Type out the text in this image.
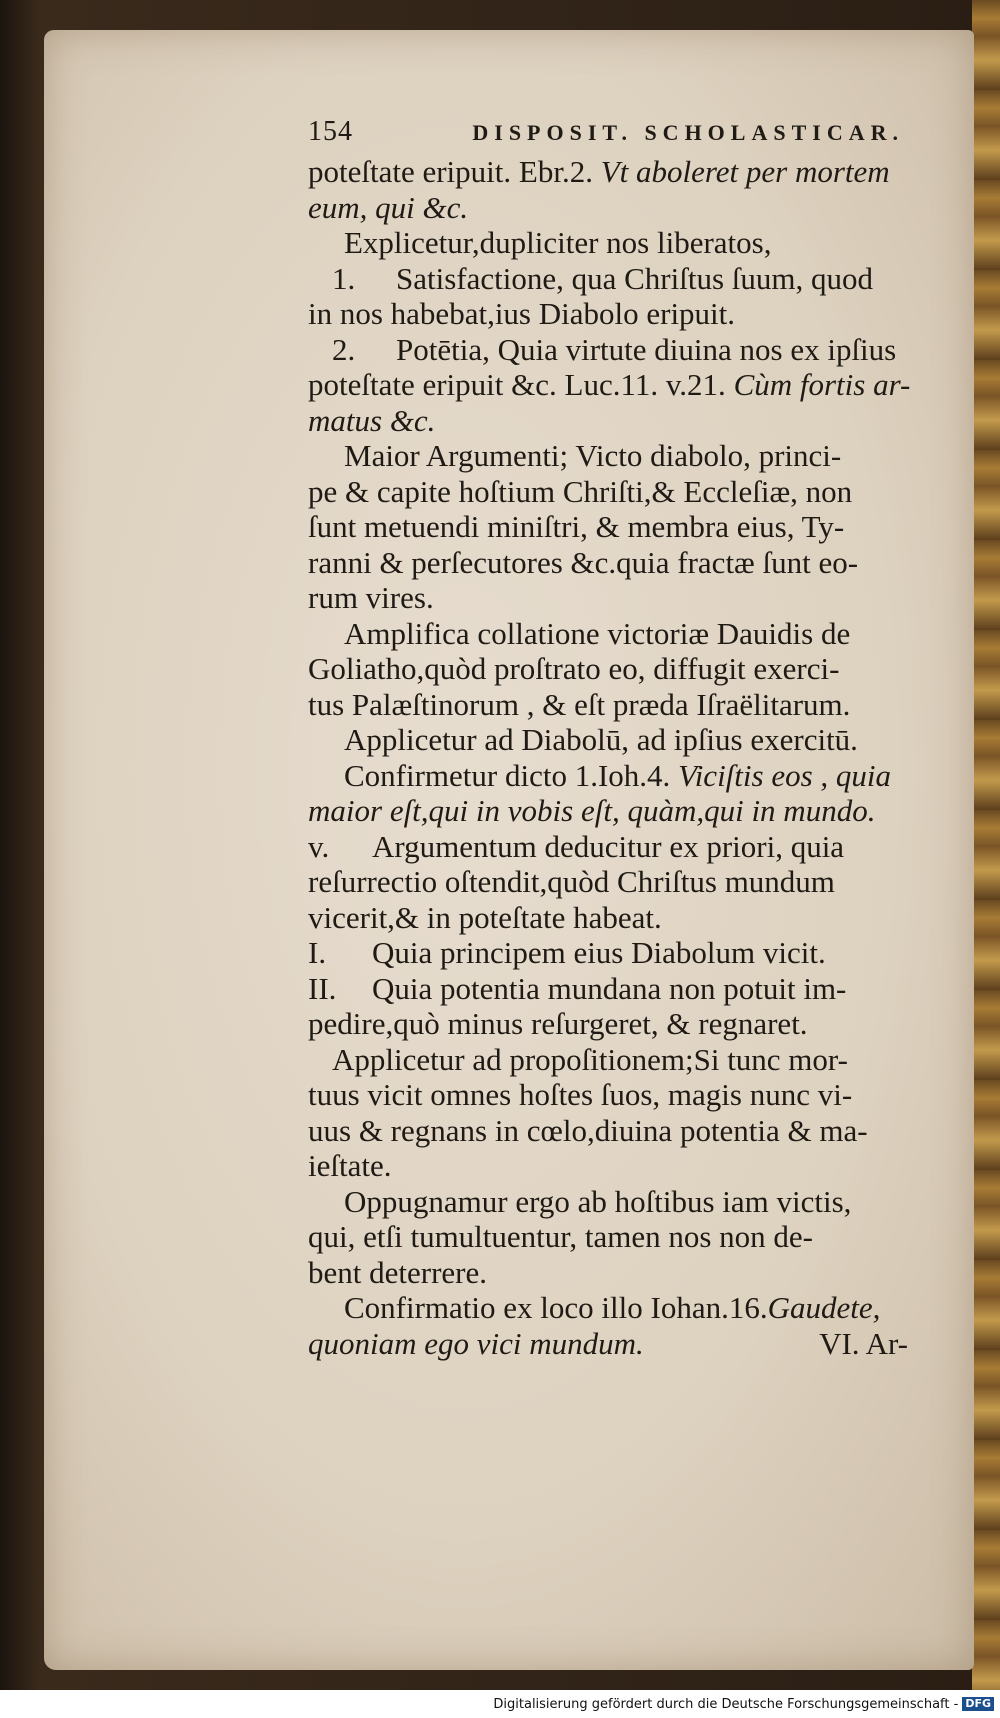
154	DISPOSIT. SCHOLASTICAR.
poteſtate eripuit. Ebr.2. Vt aboleret per mortem
eum, qui &c.
Explicetur,dupliciter nos liberatos,
1. Satisfactione, qua Chriſtus ſuum, quod
in nos habebat,ius Diabolo eripuit.
2. Potētia, Quia virtute diuina nos ex ipſius
poteſtate eripuit &c. Luc.11. v.21. Cùm fortis ar-
matus &c.
Maior Argumenti; Victo diabolo, princi-
pe & capite hoſtium Chriſti,& Eccleſiæ, non
ſunt metuendi miniſtri, & membra eius, Ty-
ranni & perſecutores &c.quia fractæ ſunt eo-
rum vires.
Amplifica collatione victoriæ Dauidis de
Goliatho,quòd proſtrato eo, diffugit exerci-
tus Palæſtinorum , & eſt præda Iſraëlitarum.
Applicetur ad Diabolū, ad ipſius exercitū.
Confirmetur dicto 1.Ioh.4. Viciſtis eos , quia
maior eſt,qui in vobis eſt, quàm,qui in mundo.
v. Argumentum deducitur ex priori, quia
reſurrectio oſtendit,quòd Chriſtus mundum
vicerit,& in poteſtate habeat.
I. Quia principem eius Diabolum vicit.
II. Quia potentia mundana non potuit im-
pedire,quò minus reſurgeret, & regnaret.
Applicetur ad propoſitionem;Si tunc mor-
tuus vicit omnes hoſtes ſuos, magis nunc vi-
uus & regnans in cœlo,diuina potentia & ma-
ieſtate.
Oppugnamur ergo ab hoſtibus iam victis,
qui, etſi tumultuentur, tamen nos non de-
bent deterrere.
Confirmatio ex loco illo Iohan.16.Gaudete,
quoniam ego vici mundum.	VI. Ar-
Digitalisierung gefördert durch die Deutsche Forschungsgemeinschaft - DFG
